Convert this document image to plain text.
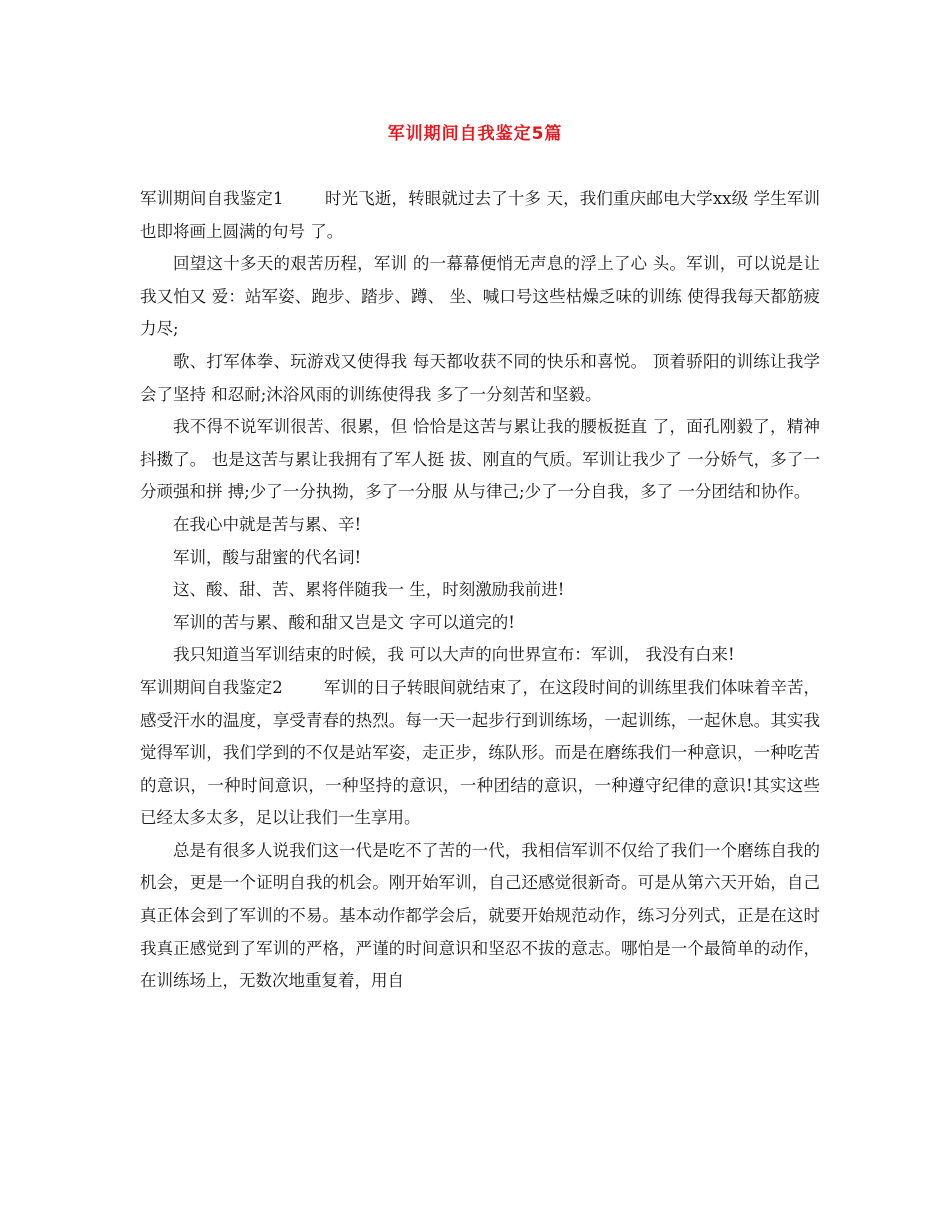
军训期间自我鉴定5篇

军训期间自我鉴定1	时光飞逝，转眼就过去了十多 天，我们重庆邮电大学xx级 学生军训也即将画上圆满的句号 了。

回望这十多天的艰苦历程，军训 的一幕幕便悄无声息的浮上了心 头。军训，可以说是让我又怕又 爱：站军姿、跑步、踏步、蹲、 坐、喊口号这些枯燥乏味的训练 使得我每天都筋疲力尽;

歌、打军体拳、玩游戏又使得我 每天都收获不同的快乐和喜悦。 顶着骄阳的训练让我学会了坚持 和忍耐;沐浴风雨的训练使得我 多了一分刻苦和坚毅。

我不得不说军训很苦、很累，但 恰恰是这苦与累让我的腰板挺直 了，面孔刚毅了，精神抖擞了。 也是这苦与累让我拥有了军人挺 拔、刚直的气质。军训让我少了 一分娇气，多了一分顽强和拼 搏;少了一分执拗，多了一分服 从与律己;少了一分自我，多了 一分团结和协作。

在我心中就是苦与累、辛!

军训，酸与甜蜜的代名词!

这、酸、甜、苦、累将伴随我一 生，时刻激励我前进!

军训的苦与累、酸和甜又岂是文 字可以道完的!

我只知道当军训结束的时候，我 可以大声的向世界宣布：军训， 我没有白来!

军训期间自我鉴定2	军训的日子转眼间就结束了，在这段时间的训练里我们体味着辛苦，感受汗水的温度，享受青春的热烈。每一天一起步行到训练场，一起训练，一起休息。其实我觉得军训，我们学到的不仅是站军姿，走正步，练队形。而是在磨练我们一种意识，一种吃苦的意识，一种时间意识，一种坚持的意识，一种团结的意识，一种遵守纪律的意识!其实这些已经太多太多，足以让我们一生享用。

总是有很多人说我们这一代是吃不了苦的一代，我相信军训不仅给了我们一个磨练自我的机会，更是一个证明自我的机会。刚开始军训，自己还感觉很新奇。可是从第六天开始，自己真正体会到了军训的不易。基本动作都学会后，就要开始规范动作，练习分列式，正是在这时我真正感觉到了军训的严格，严谨的时间意识和坚忍不拔的意志。哪怕是一个最简单的动作，在训练场上，无数次地重复着，用自
